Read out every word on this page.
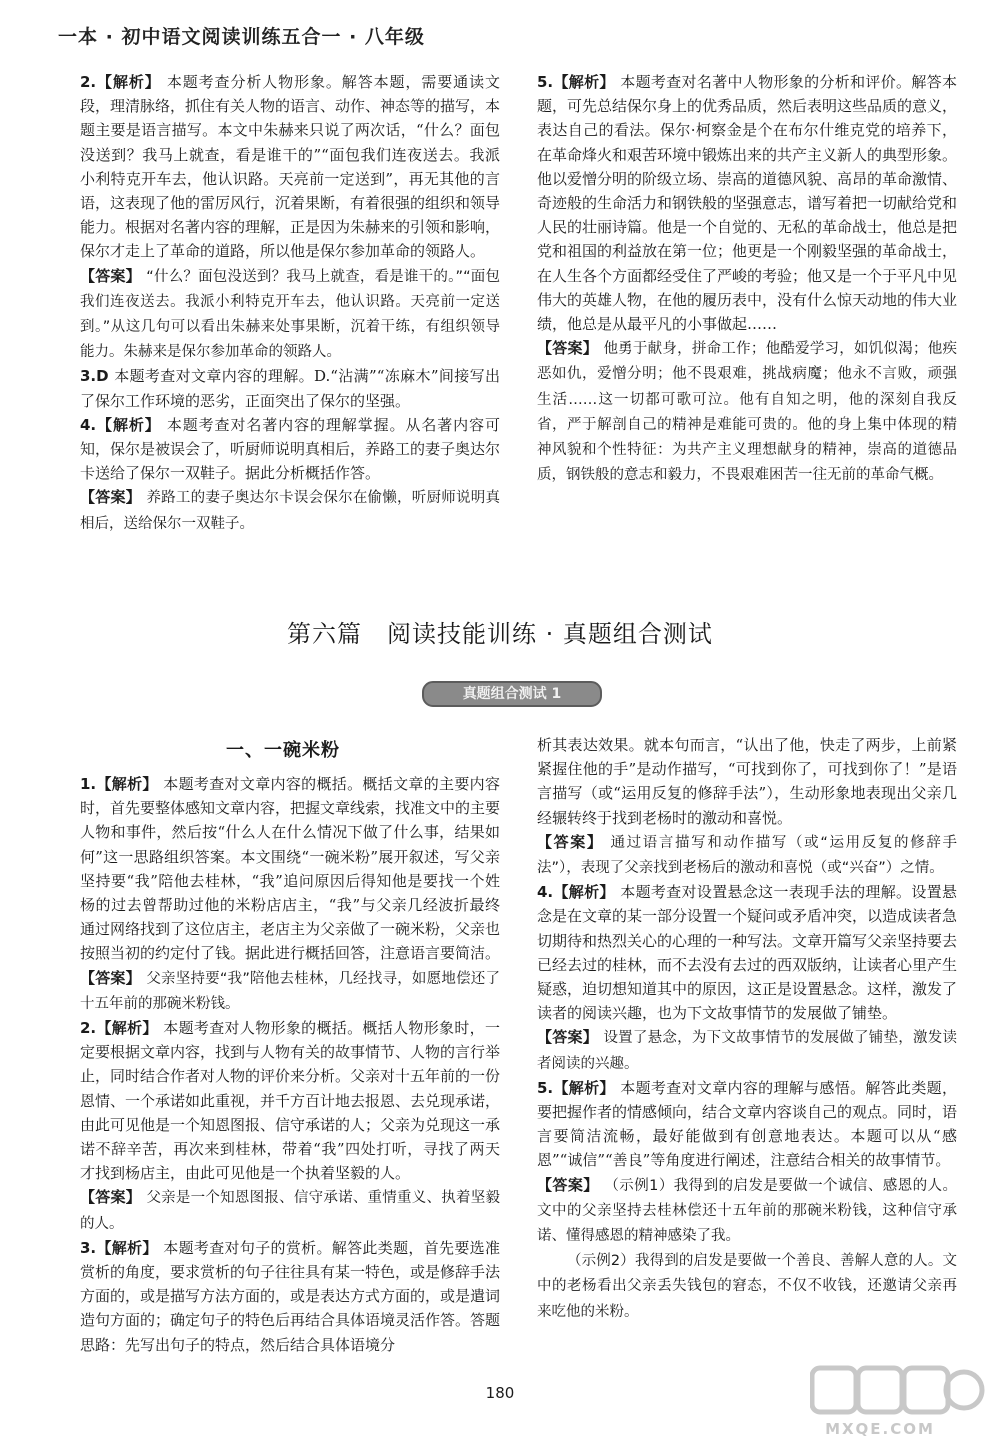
一本 · 初中语文阅读训练五合一 · 八年级

2.【解析】 本题考查分析人物形象。解答本题，需要通读文段，理清脉络，抓住有关人物的语言、动作、神态等的描写，本题主要是语言描写。本文中朱赫来只说了两次话，“什么？面包没送到？我马上就查，看是谁干的”“面包我们连夜送去。我派小利特克开车去，他认识路。天亮前一定送到”，再无其他的言语，这表现了他的雷厉风行，沉着果断，有着很强的组织和领导能力。根据对名著内容的理解，正是因为朱赫来的引领和影响，保尔才走上了革命的道路，所以他是保尔参加革命的领路人。

【答案】 “什么？面包没送到？我马上就查，看是谁干的。”“面包我们连夜送去。我派小利特克开车去，他认识路。天亮前一定送到。”从这几句可以看出朱赫来处事果断，沉着干练，有组织领导能力。朱赫来是保尔参加革命的领路人。

3.D 本题考查对文章内容的理解。D.“沾满”“冻麻木”间接写出了保尔工作环境的恶劣，正面突出了保尔的坚强。

4.【解析】 本题考查对名著内容的理解掌握。从名著内容可知，保尔是被误会了，听厨师说明真相后，养路工的妻子奥达尔卡送给了保尔一双鞋子。据此分析概括作答。

【答案】 养路工的妻子奥达尔卡误会保尔在偷懒，听厨师说明真相后，送给保尔一双鞋子。

5.【解析】 本题考查对名著中人物形象的分析和评价。解答本题，可先总结保尔身上的优秀品质，然后表明这些品质的意义，表达自己的看法。保尔·柯察金是个在布尔什维克党的培养下，在革命烽火和艰苦环境中锻炼出来的共产主义新人的典型形象。他以爱憎分明的阶级立场、崇高的道德风貌、高昂的革命激情、奇迹般的生命活力和钢铁般的坚强意志，谱写着把一切献给党和人民的壮丽诗篇。他是一个自觉的、无私的革命战士，他总是把党和祖国的利益放在第一位；他更是一个刚毅坚强的革命战士，在人生各个方面都经受住了严峻的考验；他又是一个于平凡中见伟大的英雄人物，在他的履历表中，没有什么惊天动地的伟大业绩，他总是从最平凡的小事做起……

【答案】 他勇于献身，拼命工作；他酷爱学习，如饥似渴；他疾恶如仇，爱憎分明；他不畏艰难，挑战病魔；他永不言败，顽强生活……这一切都可歌可泣。他有自知之明，他的深刻自我反省，严于解剖自己的精神是难能可贵的。他的身上集中体现的精神风貌和个性特征：为共产主义理想献身的精神，崇高的道德品质，钢铁般的意志和毅力，不畏艰难困苦一往无前的革命气概。

第六篇　阅读技能训练 · 真题组合测试
真题组合测试 1
一、一碗米粉

1.【解析】 本题考查对文章内容的概括。概括文章的主要内容时，首先要整体感知文章内容，把握文章线索，找准文中的主要人物和事件，然后按“什么人在什么情况下做了什么事，结果如何”这一思路组织答案。本文围绕“一碗米粉”展开叙述，写父亲坚持要“我”陪他去桂林，“我”追问原因后得知他是要找一个姓杨的过去曾帮助过他的米粉店店主，“我”与父亲几经波折最终通过网络找到了这位店主，老店主为父亲做了一碗米粉，父亲也按照当初的约定付了钱。据此进行概括回答，注意语言要简洁。

【答案】 父亲坚持要“我”陪他去桂林，几经找寻，如愿地偿还了十五年前的那碗米粉钱。

2.【解析】 本题考查对人物形象的概括。概括人物形象时，一定要根据文章内容，找到与人物有关的故事情节、人物的言行举止，同时结合作者对人物的评价来分析。父亲对十五年前的一份恩情、一个承诺如此重视，并千方百计地去报恩、去兑现承诺，由此可见他是一个知恩图报、信守承诺的人；父亲为兑现这一承诺不辞辛苦，再次来到桂林，带着“我”四处打听，寻找了两天才找到杨店主，由此可见他是一个执着坚毅的人。

【答案】 父亲是一个知恩图报、信守承诺、重情重义、执着坚毅的人。

3.【解析】 本题考查对句子的赏析。解答此类题，首先要选准赏析的角度，要求赏析的句子往往具有某一特色，或是修辞手法方面的，或是描写方法方面的，或是表达方式方面的，或是遣词造句方面的；确定句子的特色后再结合具体语境灵活作答。答题思路：先写出句子的特点，然后结合具体语境分

析其表达效果。就本句而言，“认出了他，快走了两步，上前紧紧握住他的手”是动作描写，“可找到你了，可找到你了！”是语言描写（或“运用反复的修辞手法”），生动形象地表现出父亲几经辗转终于找到老杨时的激动和喜悦。

【答案】 通过语言描写和动作描写（或“运用反复的修辞手法”），表现了父亲找到老杨后的激动和喜悦（或“兴奋”）之情。

4.【解析】 本题考查对设置悬念这一表现手法的理解。设置悬念是在文章的某一部分设置一个疑问或矛盾冲突，以造成读者急切期待和热烈关心的心理的一种写法。文章开篇写父亲坚持要去已经去过的桂林，而不去没有去过的西双版纳，让读者心里产生疑惑，迫切想知道其中的原因，这正是设置悬念。这样，激发了读者的阅读兴趣，也为下文故事情节的发展做了铺垫。

【答案】 设置了悬念，为下文故事情节的发展做了铺垫，激发读者阅读的兴趣。

5.【解析】 本题考查对文章内容的理解与感悟。解答此类题，要把握作者的情感倾向，结合文章内容谈自己的观点。同时，语言要简洁流畅，最好能做到有创意地表达。本题可以从“感恩”“诚信”“善良”等角度进行阐述，注意结合相关的故事情节。

【答案】 （示例1）我得到的启发是要做一个诚信、感恩的人。文中的父亲坚持去桂林偿还十五年前的那碗米粉钱，这种信守承诺、懂得感恩的精神感染了我。

（示例2）我得到的启发是要做一个善良、善解人意的人。文中的老杨看出父亲丢失钱包的窘态，不仅不收钱，还邀请父亲再来吃他的米粉。

180
MXQE.COM
